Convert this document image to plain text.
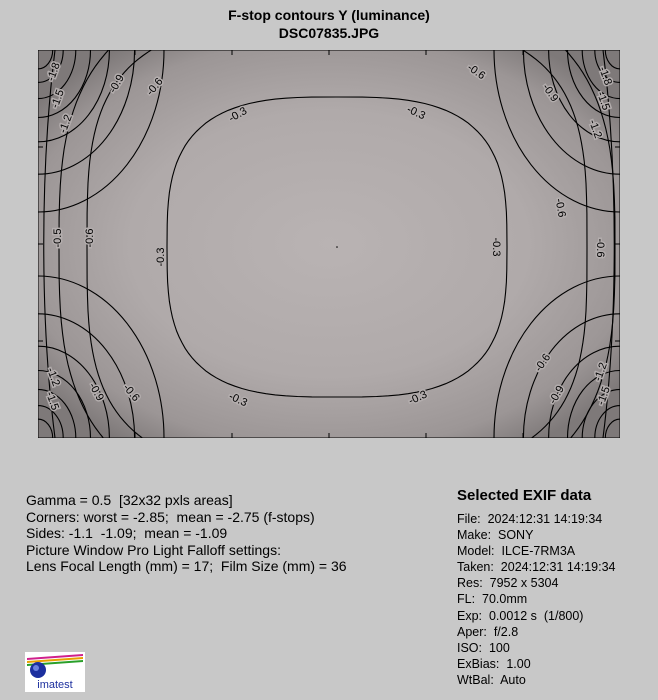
F-stop contours Y (luminance)
DSC07835.JPG
-0.3	-0.3
-0.3
-0.3
-0.3	-0.3
-0.6
-0.6
-0.6
-0.6
-0.6
-0.6
-0.9	-0.9
-0.9	-0.9
-1.2	-1.2
-1.2	-1.2
-1.5	-1.5
-1.5	-1.5
-1.8	-1.8
-0.5
-0.6
Gamma = 0.5  [32x32 pxls areas]
Corners: worst = -2.85;  mean = -2.75 (f-stops)
Sides: -1.1  -1.09;  mean = -1.09
Picture Window Pro Light Falloff settings:
Lens Focal Length (mm) = 17;  Film Size (mm) = 36
Selected EXIF data
File:  2024:12:31 14:19:34
Make:  SONY
Model:  ILCE-7RM3A
Taken:  2024:12:31 14:19:34
Res:  7952 x 5304
FL:  70.0mm
Exp:  0.0012 s  (1/800)
Aper:  f/2.8
ISO:  100
ExBias:  1.00
WtBal:  Auto
imatest
